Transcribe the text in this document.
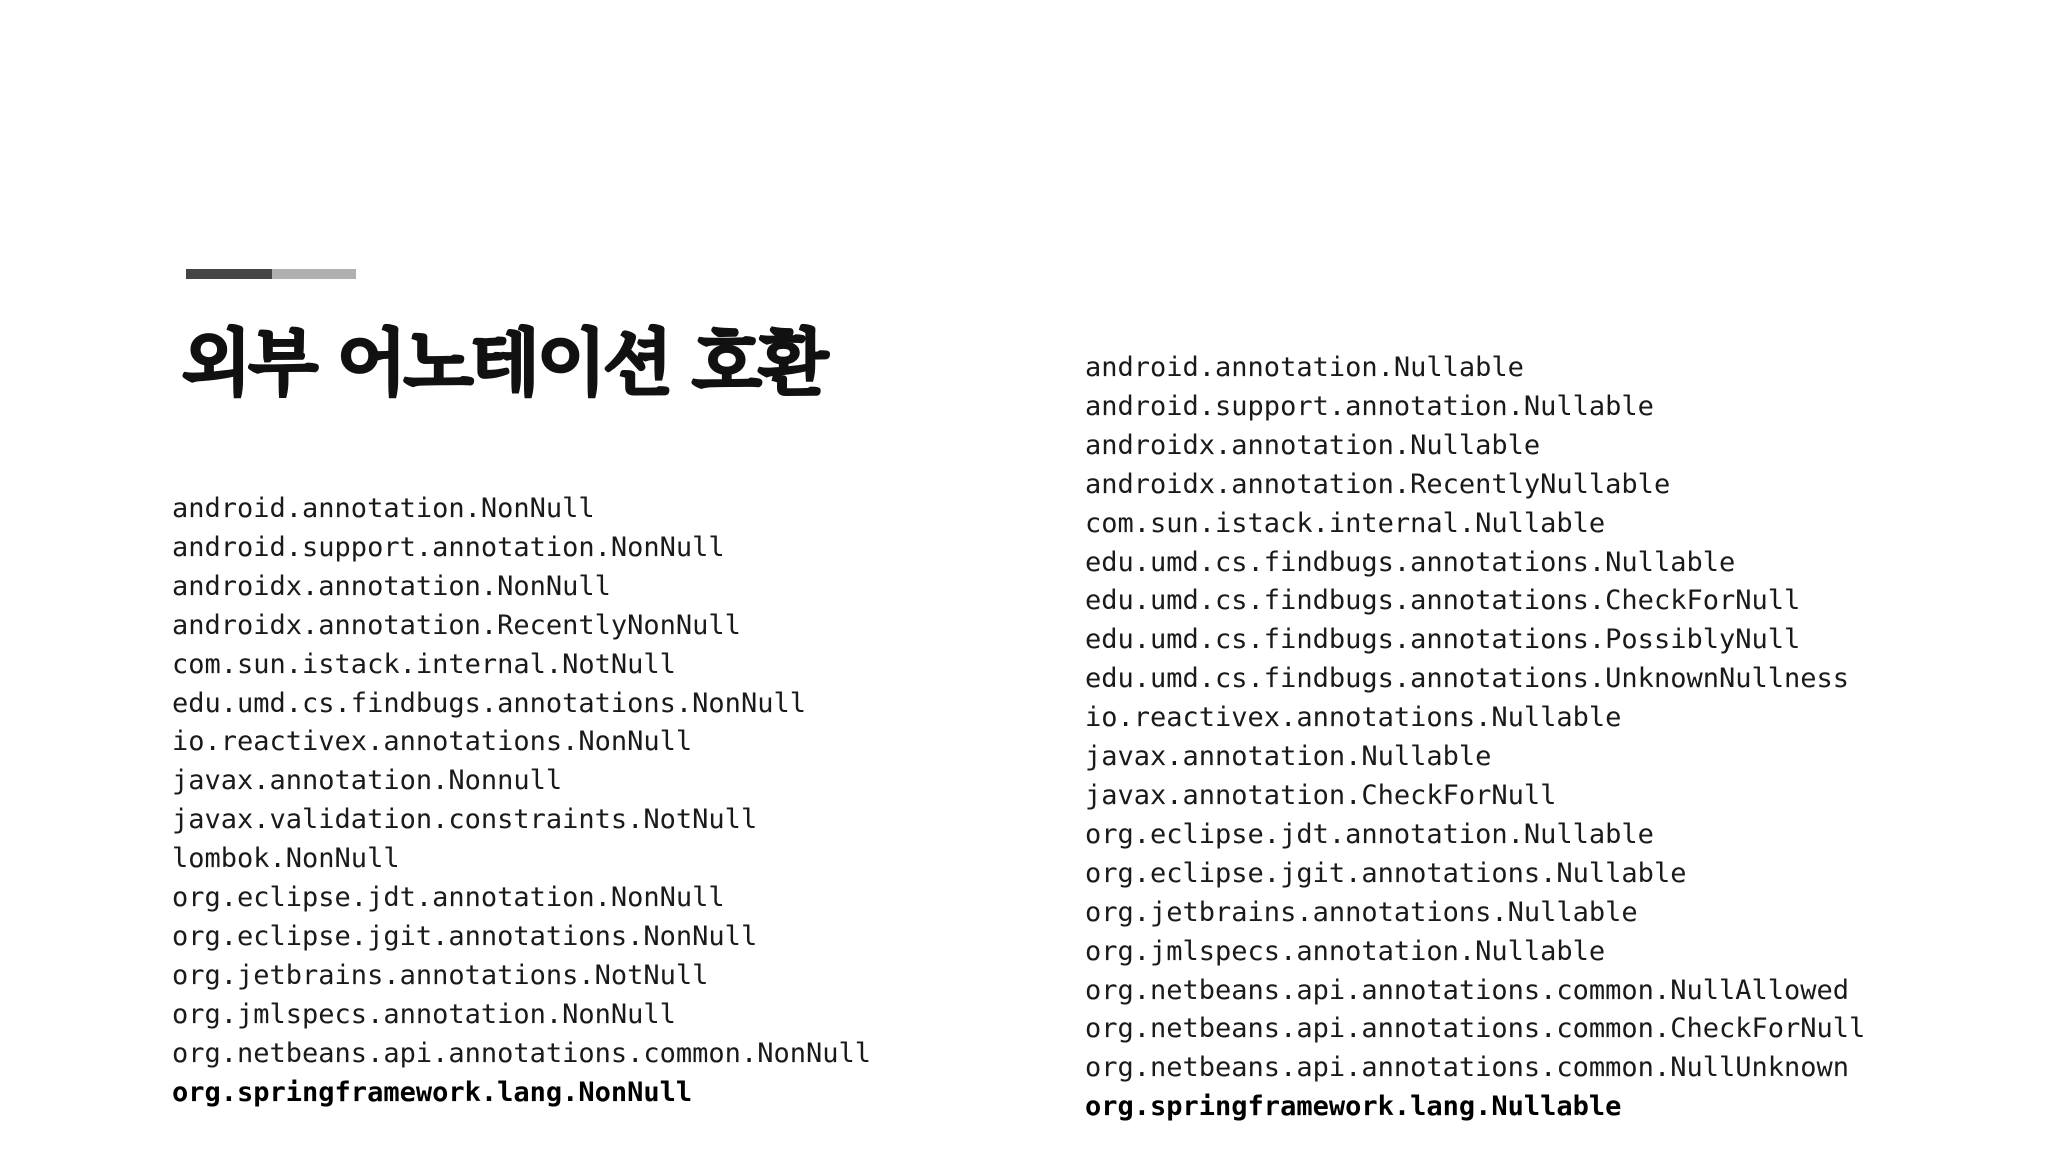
외부 어노테이션 호환
android.annotation.NonNull
android.support.annotation.NonNull
androidx.annotation.NonNull
androidx.annotation.RecentlyNonNull
com.sun.istack.internal.NotNull
edu.umd.cs.findbugs.annotations.NonNull
io.reactivex.annotations.NonNull
javax.annotation.Nonnull
javax.validation.constraints.NotNull
lombok.NonNull
org.eclipse.jdt.annotation.NonNull
org.eclipse.jgit.annotations.NonNull
org.jetbrains.annotations.NotNull
org.jmlspecs.annotation.NonNull
org.netbeans.api.annotations.common.NonNull
org.springframework.lang.NonNull
android.annotation.Nullable
android.support.annotation.Nullable
androidx.annotation.Nullable
androidx.annotation.RecentlyNullable
com.sun.istack.internal.Nullable
edu.umd.cs.findbugs.annotations.Nullable
edu.umd.cs.findbugs.annotations.CheckForNull
edu.umd.cs.findbugs.annotations.PossiblyNull
edu.umd.cs.findbugs.annotations.UnknownNullness
io.reactivex.annotations.Nullable
javax.annotation.Nullable
javax.annotation.CheckForNull
org.eclipse.jdt.annotation.Nullable
org.eclipse.jgit.annotations.Nullable
org.jetbrains.annotations.Nullable
org.jmlspecs.annotation.Nullable
org.netbeans.api.annotations.common.NullAllowed
org.netbeans.api.annotations.common.CheckForNull
org.netbeans.api.annotations.common.NullUnknown
org.springframework.lang.Nullable
